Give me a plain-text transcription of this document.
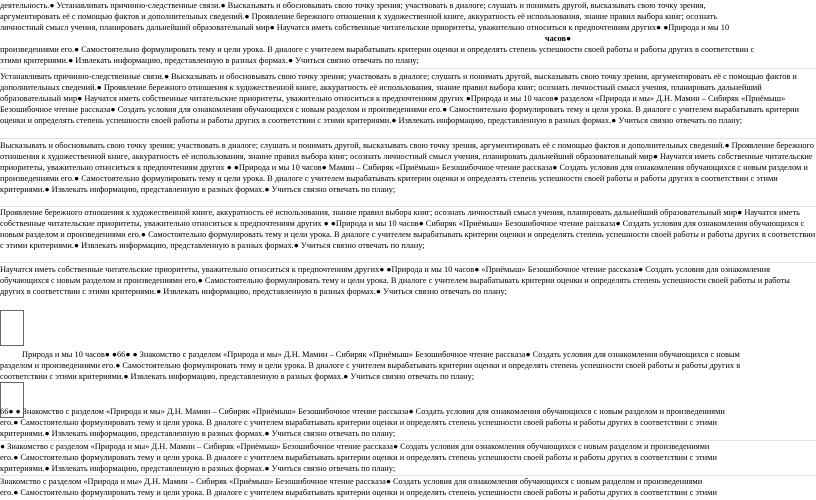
деятельность.● Устанавливать причинно-следственные связи.● Высказывать и обосновывать свою точку зрения; участвовать в диалоге; слушать и понимать другой, высказывать свою точку зрения,
аргументировать её с помощью фактов и дополнительных сведений.● Проявление бережного отношения к художественной книге, аккуратность её использования, знание правил выбора книг; осознать
личностный смысл учения, планировать дальнейший образовательный мир● Научатся иметь собственные читательские приоритеты, уважительно относиться к предпочтениям других● ●Природа и мы 10
часов●
произведениями его.● Самостоятельно формулировать тему и цели урока. В диалоге с учителем вырабатывать критерии оценки и определять степень успешности своей работы и работы других в соответствии с
этими критериями.● Извлекать информацию, представленную в разных формах.● Учиться связно отвечать по плану;
Устанавливать причинно-следственные связи.● Высказывать и обосновывать свою точку зрения; участвовать в диалоге; слушать и понимать другой, высказывать свою точку зрения, аргументировать её с помощью фактов и дополнительных сведений.● Проявление бережного отношения к художественной книге, аккуратность её использования, знание правил выбора книг; осознать личностный смысл учения, планировать дальнейший образовательный мир● Научатся иметь собственные читательские приоритеты, уважительно относиться к предпочтениям других ●Природа и мы 10 часов● разделом «Природа и мы» Д.Н. Мамин – Сибиряк «Приёмыш» Безошибочное чтение рассказа● Создать условия для ознакомления обучающихся с новым разделом и произведениями его.● Самостоятельно формулировать тему и цели урока. В диалоге с учителем вырабатывать критерии оценки и определять степень успешности своей работы и работы других в соответствии с этими критериями.● Извлекать информацию, представленную в разных формах.● Учиться связно отвечать по плану;
Высказывать и обосновывать свою точку зрения; участвовать в диалоге; слушать и понимать другой, высказывать свою точку зрения, аргументировать её с помощью фактов и дополнительных сведений.● Проявление бережного отношения к художественной книге, аккуратность её использования, знание правил выбора книг; осознать личностный смысл учения, планировать дальнейший образовательный мир● Научатся иметь собственные читательские приоритеты, уважительно относиться к предпочтениям других ● ●Природа и мы 10 часов● Мамин – Сибиряк «Приёмыш» Безошибочное чтение рассказа● Создать условия для ознакомления обучающихся с новым разделом и произведениями его.● Самостоятельно формулировать тему и цели урока. В диалоге с учителем вырабатывать критерии оценки и определять степень успешности своей работы и работы других в соответствии с этими критериями.● Извлекать информацию, представленную в разных формах.● Учиться связно отвечать по плану;
Проявление бережного отношения к художественной книге, аккуратность её использования, знание правил выбора книг; осознать личностный смысл учения, планировать дальнейший образовательный мир● Научатся иметь собственные читательские приоритеты, уважительно относиться к предпочтениям других ● ●Природа и мы 10 часов● Сибиряк «Приёмыш» Безошибочное чтение рассказа● Создать условия для ознакомления обучающихся с новым разделом и произведениями его.● Самостоятельно формулировать тему и цели урока. В диалоге с учителем вырабатывать критерии оценки и определять степень успешности своей работы и работы других в соответствии с этими критериями.● Извлекать информацию, представленную в разных формах.● Учиться связно отвечать по плану;
Научатся иметь собственные читательские приоритеты, уважительно относиться к предпочтениям других● ●Природа и мы 10 часов● «Приёмыш» Безошибочное чтение рассказа● Создать условия для ознакомления обучающихся с новым разделом и произведениями его.● Самостоятельно формулировать тему и цели урока. В диалоге с учителем вырабатывать критерии оценки и определять степень успешности своей работы и работы других в соответствии с этими критериями.● Извлекать информацию, представленную в разных формах.● Учиться связно отвечать по плану;
Природа и мы 10 часов● ●66● ● Знакомство с разделом «Природа и мы» Д.Н. Мамин – Сибиряк «Приёмыш» Безошибочное чтение рассказа● Создать условия для ознакомления обучающихся с новым
разделом и произведениями его.● Самостоятельно формулировать тему и цели урока. В диалоге с учителем вырабатывать критерии оценки и определять степень успешности своей работы и работы других в
соответствии с этими критериями.● Извлекать информацию, представленную в разных формах.● Учиться связно отвечать по плану;
66● ● Знакомство с разделом «Природа и мы» Д.Н. Мамин – Сибиряк «Приёмыш» Безошибочное чтение рассказа● Создать условия для ознакомления обучающихся с новым разделом и произведениями
его.● Самостоятельно формулировать тему и цели урока. В диалоге с учителем вырабатывать критерии оценки и определять степень успешности своей работы и работы других в соответствии с этими
критериями.● Извлекать информацию, представленную в разных формах.● Учиться связно отвечать по плану;
● Знакомство с разделом «Природа и мы» Д.Н. Мамин – Сибиряк «Приёмыш» Безошибочное чтение рассказа● Создать условия для ознакомления обучающихся с новым разделом и произведениями
его.● Самостоятельно формулировать тему и цели урока. В диалоге с учителем вырабатывать критерии оценки и определять степень успешности своей работы и работы других в соответствии с этими
критериями.● Извлекать информацию, представленную в разных формах.● Учиться связно отвечать по плану;
Знакомство с разделом «Природа и мы» Д.Н. Мамин – Сибиряк «Приёмыш» Безошибочное чтение рассказа● Создать условия для ознакомления обучающихся с новым разделом и произведениями
его.● Самостоятельно формулировать тему и цели урока. В диалоге с учителем вырабатывать критерии оценки и определять степень успешности своей работы и работы других в соответствии с этими
